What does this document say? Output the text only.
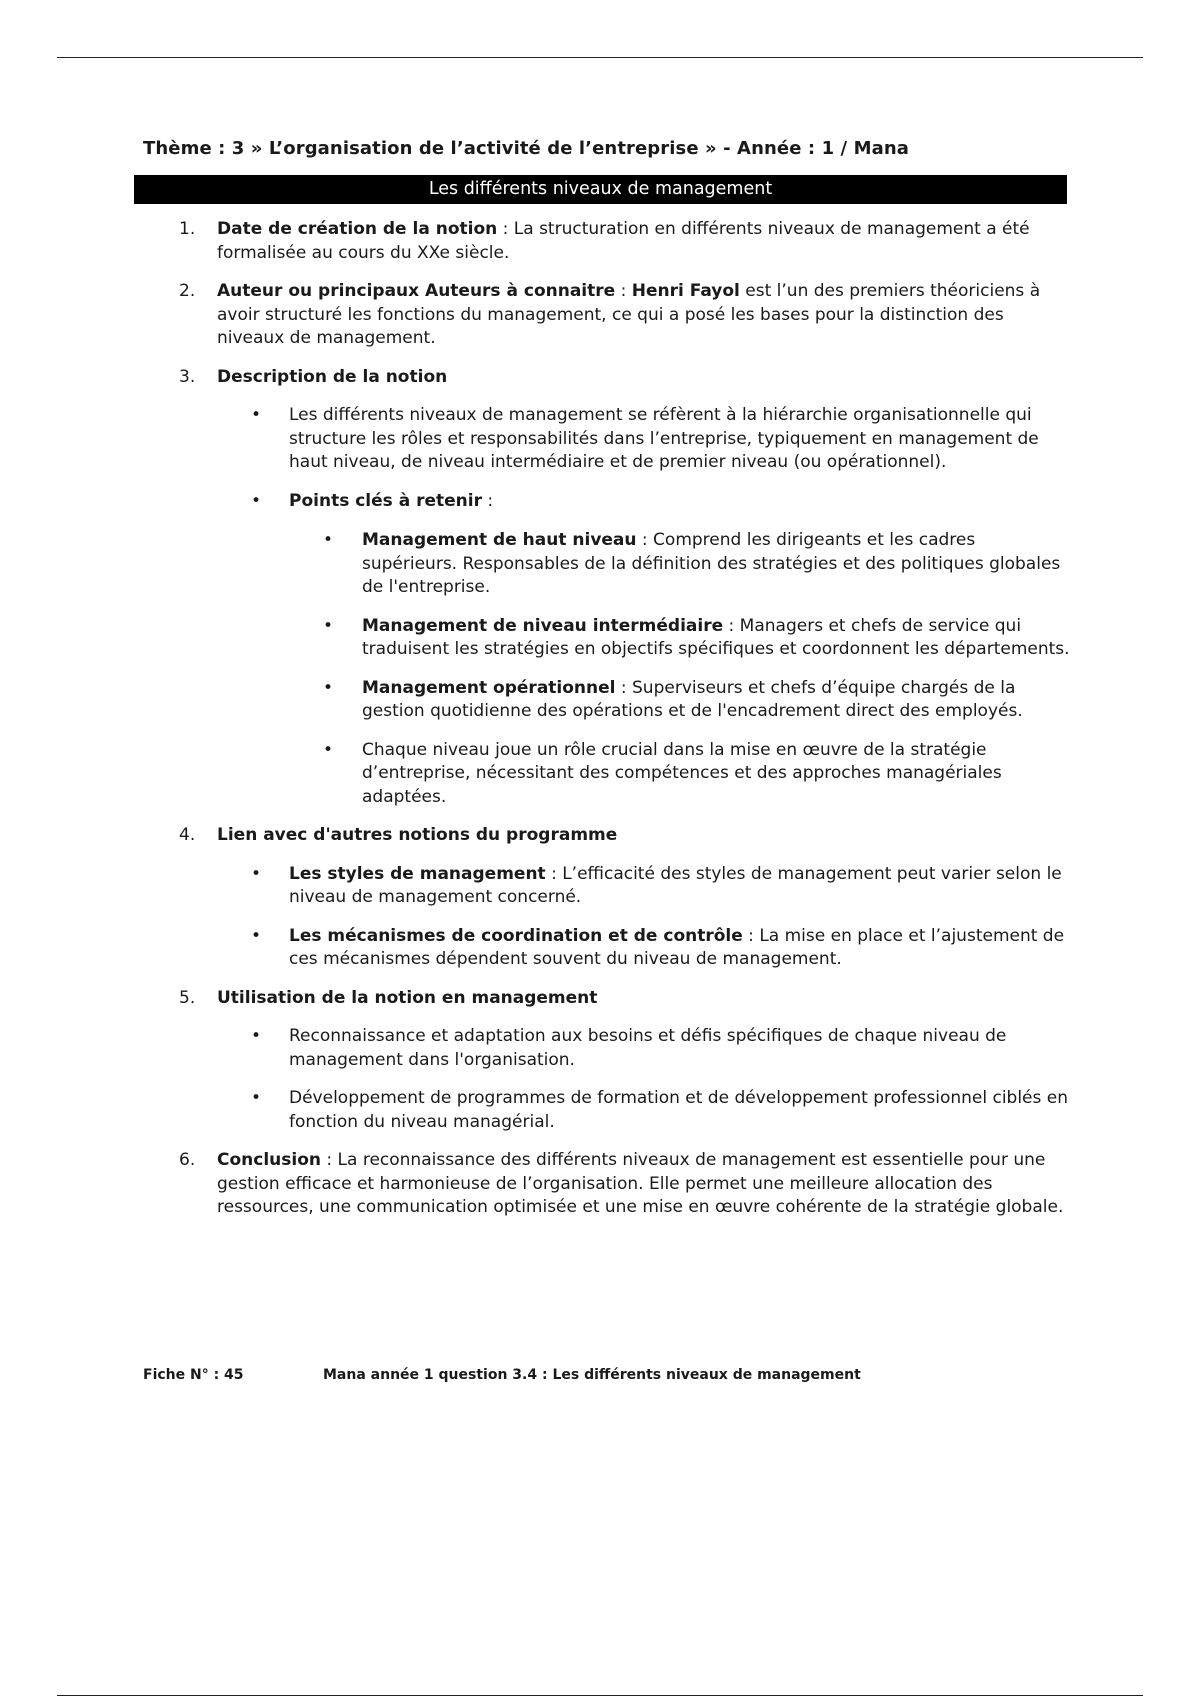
Thème : 3 » L’organisation de l’activité de l’entreprise » - Année : 1 / Mana
Les différents niveaux de management
1. Date de création de la notion : La structuration en différents niveaux de management a été formalisée au cours du XXe siècle.
2. Auteur ou principaux Auteurs à connaitre : Henri Fayol est l’un des premiers théoriciens à avoir structuré les fonctions du management, ce qui a posé les bases pour la distinction des niveaux de management.
3. Description de la notion
• Les différents niveaux de management se réfèrent à la hiérarchie organisationnelle qui structure les rôles et responsabilités dans l’entreprise, typiquement en management de haut niveau, de niveau intermédiaire et de premier niveau (ou opérationnel).
• Points clés à retenir :
• Management de haut niveau : Comprend les dirigeants et les cadres supérieurs. Responsables de la définition des stratégies et des politiques globales de l'entreprise.
• Management de niveau intermédiaire : Managers et chefs de service qui traduisent les stratégies en objectifs spécifiques et coordonnent les départements.
• Management opérationnel : Superviseurs et chefs d’équipe chargés de la gestion quotidienne des opérations et de l'encadrement direct des employés.
• Chaque niveau joue un rôle crucial dans la mise en œuvre de la stratégie d’entreprise, nécessitant des compétences et des approches managériales adaptées.
4. Lien avec d'autres notions du programme
• Les styles de management : L’efficacité des styles de management peut varier selon le niveau de management concerné.
• Les mécanismes de coordination et de contrôle : La mise en place et l’ajustement de ces mécanismes dépendent souvent du niveau de management.
5. Utilisation de la notion en management
• Reconnaissance et adaptation aux besoins et défis spécifiques de chaque niveau de management dans l'organisation.
• Développement de programmes de formation et de développement professionnel ciblés en fonction du niveau managérial.
6. Conclusion : La reconnaissance des différents niveaux de management est essentielle pour une gestion efficace et harmonieuse de l’organisation. Elle permet une meilleure allocation des ressources, une communication optimisée et une mise en œuvre cohérente de la stratégie globale.
Fiche N° : 45	Mana année 1 question 3.4 : Les différents niveaux de management
